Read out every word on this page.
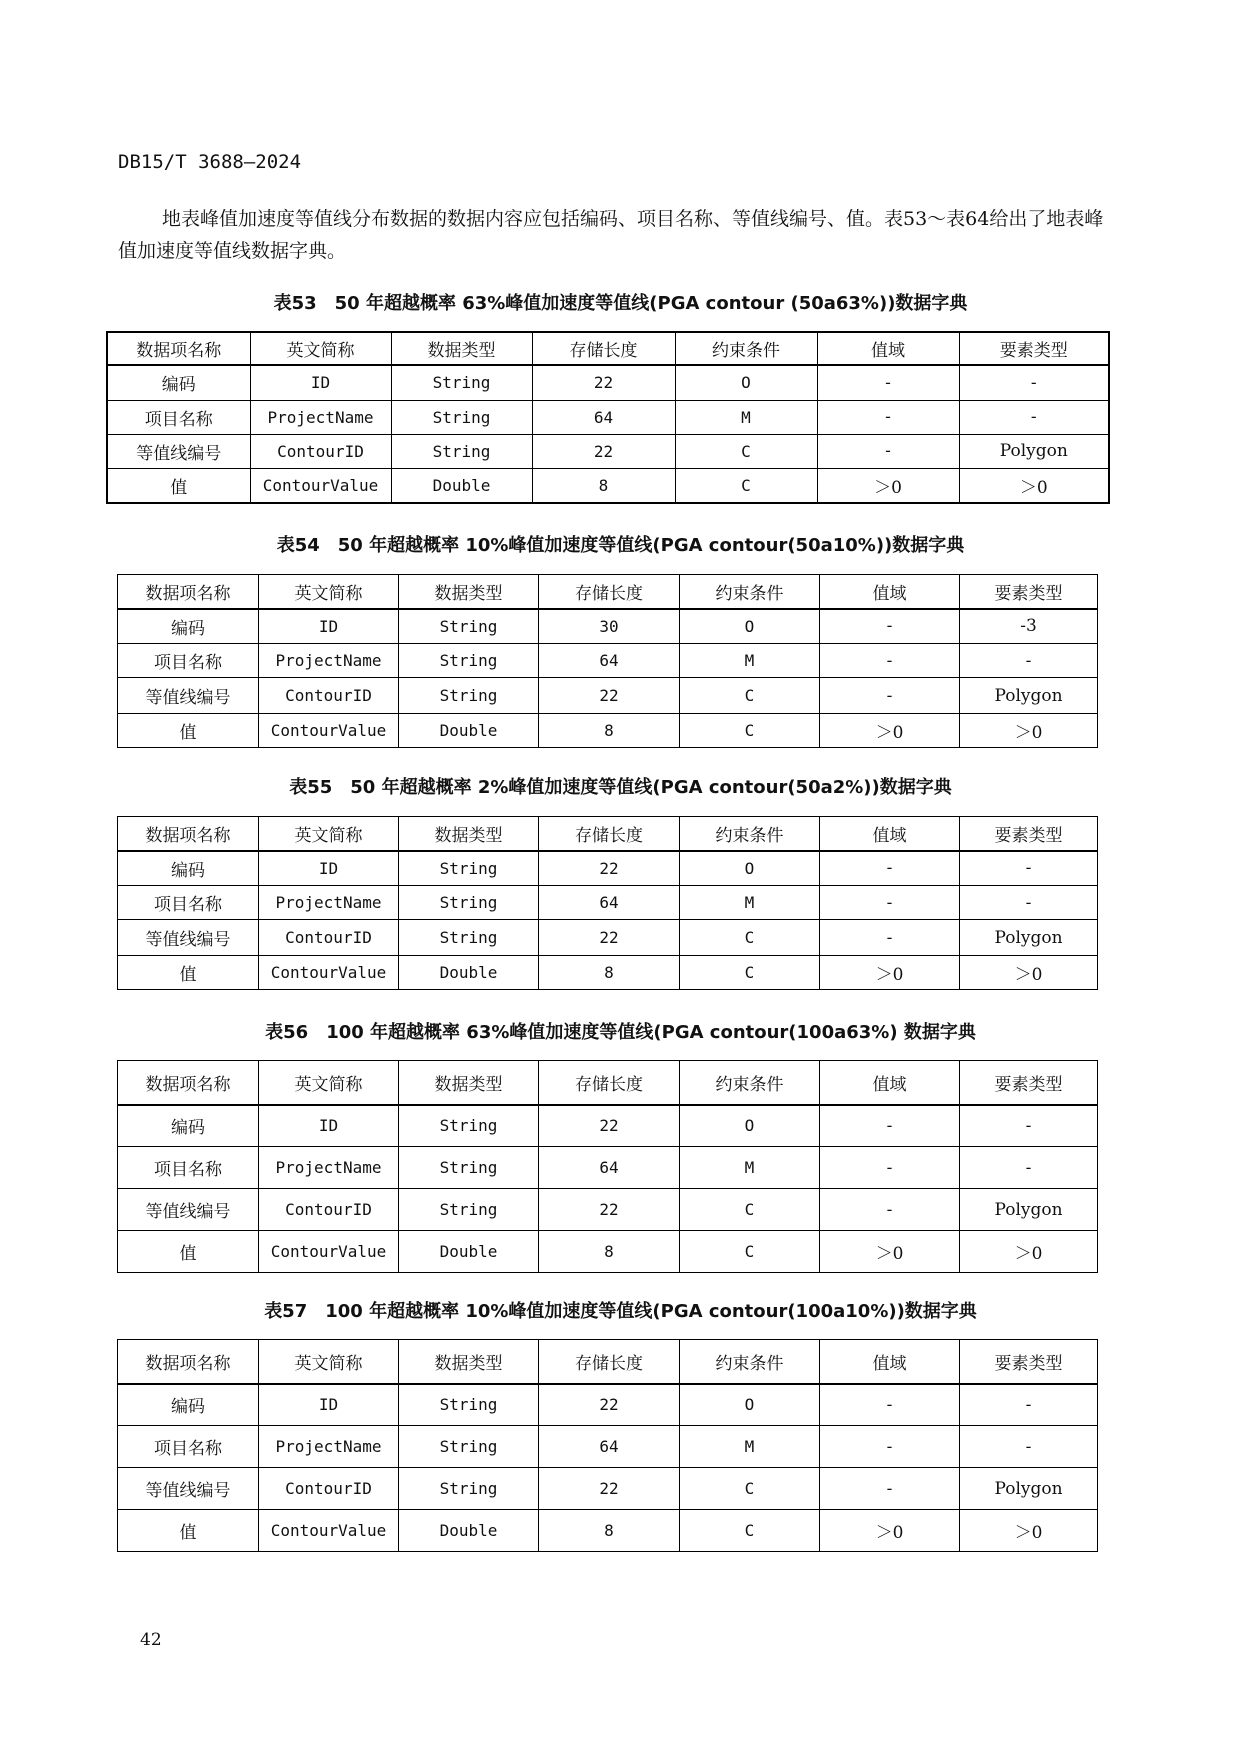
DB15/T 3688—2024

地表峰值加速度等值线分布数据的数据内容应包括编码、项目名称、等值线编号、值。表53～表64给出了地表峰值加速度等值线数据字典。

表53　50 年超越概率 63%峰值加速度等值线(PGA contour (50a63%))数据字典
数据项名称	英文简称	数据类型	存储长度	约束条件	值域	要素类型
编码	ID	String	22	O	-	-
项目名称	ProjectName	String	64	M	-	-
等值线编号	ContourID	String	22	C	-	Polygon
值	ContourValue	Double	8	C	＞0	＞0
表54　50 年超越概率 10%峰值加速度等值线(PGA contour(50a10%))数据字典
数据项名称	英文简称	数据类型	存储长度	约束条件	值域	要素类型
编码	ID	String	30	O	-	-3
项目名称	ProjectName	String	64	M	-	-
等值线编号	ContourID	String	22	C	-	Polygon
值	ContourValue	Double	8	C	＞0	＞0
表55　50 年超越概率 2%峰值加速度等值线(PGA contour(50a2%))数据字典
数据项名称	英文简称	数据类型	存储长度	约束条件	值域	要素类型
编码	ID	String	22	O	-	-
项目名称	ProjectName	String	64	M	-	-
等值线编号	ContourID	String	22	C	-	Polygon
值	ContourValue	Double	8	C	＞0	＞0
表56　100 年超越概率 63%峰值加速度等值线(PGA contour(100a63%) 数据字典
数据项名称	英文简称	数据类型	存储长度	约束条件	值域	要素类型
编码	ID	String	22	O	-	-
项目名称	ProjectName	String	64	M	-	-
等值线编号	ContourID	String	22	C	-	Polygon
值	ContourValue	Double	8	C	＞0	＞0
表57　100 年超越概率 10%峰值加速度等值线(PGA contour(100a10%))数据字典
数据项名称	英文简称	数据类型	存储长度	约束条件	值域	要素类型
编码	ID	String	22	O	-	-
项目名称	ProjectName	String	64	M	-	-
等值线编号	ContourID	String	22	C	-	Polygon
值	ContourValue	Double	8	C	＞0	＞0
42
